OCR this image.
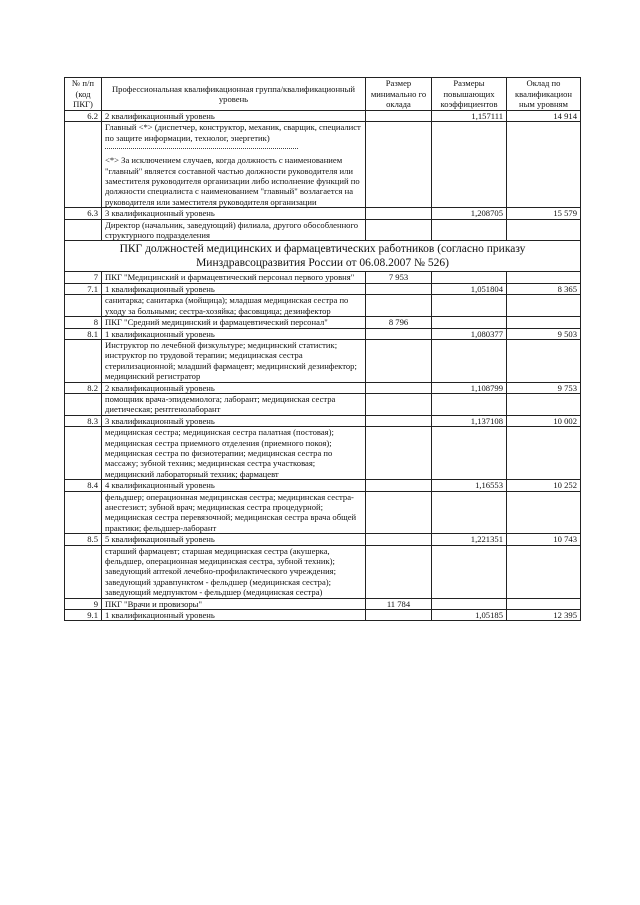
№ п/п (код ПКГ)	Профессиональная квалификационная группа/квалификационный уровень	Размер минимально го оклада	Размеры повышающих коэффициентов	Оклад по квалификацион ным уровням
6.2	2 квалификационный уровень		1,157111	14 914
	Главный <*> (диспетчер, конструктор, механик, сварщик, специалист по защите информации, технолог, энергетик)
<*> За исключением случаев, когда должность с наименованием "главный" является составной частью должности руководителя или заместителя руководителя организации либо исполнение функций по должности специалиста с наименованием "главный" возлагается на руководителя или заместителя руководителя организации			
6.3	3 квалификационный уровень		1,208705	15 579
	Директор (начальник, заведующий) филиала, другого обособленного структурного подразделения			
ПКГ должностей медицинских и фармацевтических работников (согласно приказу Минздравсоцразвития России от 06.08.2007 № 526)				
7	ПКГ "Медицинский и фармацевтический персонал первого уровня"	7 953		
7.1	1 квалификационный уровень		1,051804	8 365
	санитарка; санитарка (мойщица); младшая медицинская сестра по уходу за больными; сестра-хозяйка; фасовщица; дезинфектор			
8	ПКГ "Средний медицинский и фармацевтический персонал"	8 796		
8.1	1 квалификационный уровень		1,080377	9 503
	Инструктор по лечебной физкультуре; медицинский статистик; инструктор по трудовой терапии; медицинская сестра стерилизационной; младший фармацевт; медицинский дезинфектор; медицинский регистратор			
8.2	2 квалификационный уровень		1,108799	9 753
	помощник врача-эпидемиолога; лаборант; медицинская сестра диетическая; рентгенолаборант			
8.3	3 квалификационный уровень		1,137108	10 002
	медицинская сестра; медицинская сестра палатная (постовая); медицинская сестра приемного отделения (приемного покоя); медицинская сестра по физиотерапии; медицинская сестра по массажу; зубной техник; медицинская сестра участковая; медицинский лабораторный техник; фармацевт			
8.4	4 квалификационный уровень		1,16553	10 252
	фельдшер; операционная медицинская сестра; медицинская сестра-анестезист; зубной врач; медицинская сестра процедурной; медицинская сестра перевязочной; медицинская сестра врача общей практики; фельдшер-лаборант			
8.5	5 квалификационный уровень		1,221351	10 743
	старший фармацевт; старшая медицинская сестра (акушерка, фельдшер, операционная медицинская сестра, зубной техник); заведующий аптекой лечебно-профилактического учреждения; заведующий здравпунктом - фельдшер (медицинская сестра); заведующий медпунктом - фельдшер (медицинская сестра)			
9	ПКГ "Врачи и провизоры"	11 784		
9.1	1 квалификационный уровень		1,05185	12 395
